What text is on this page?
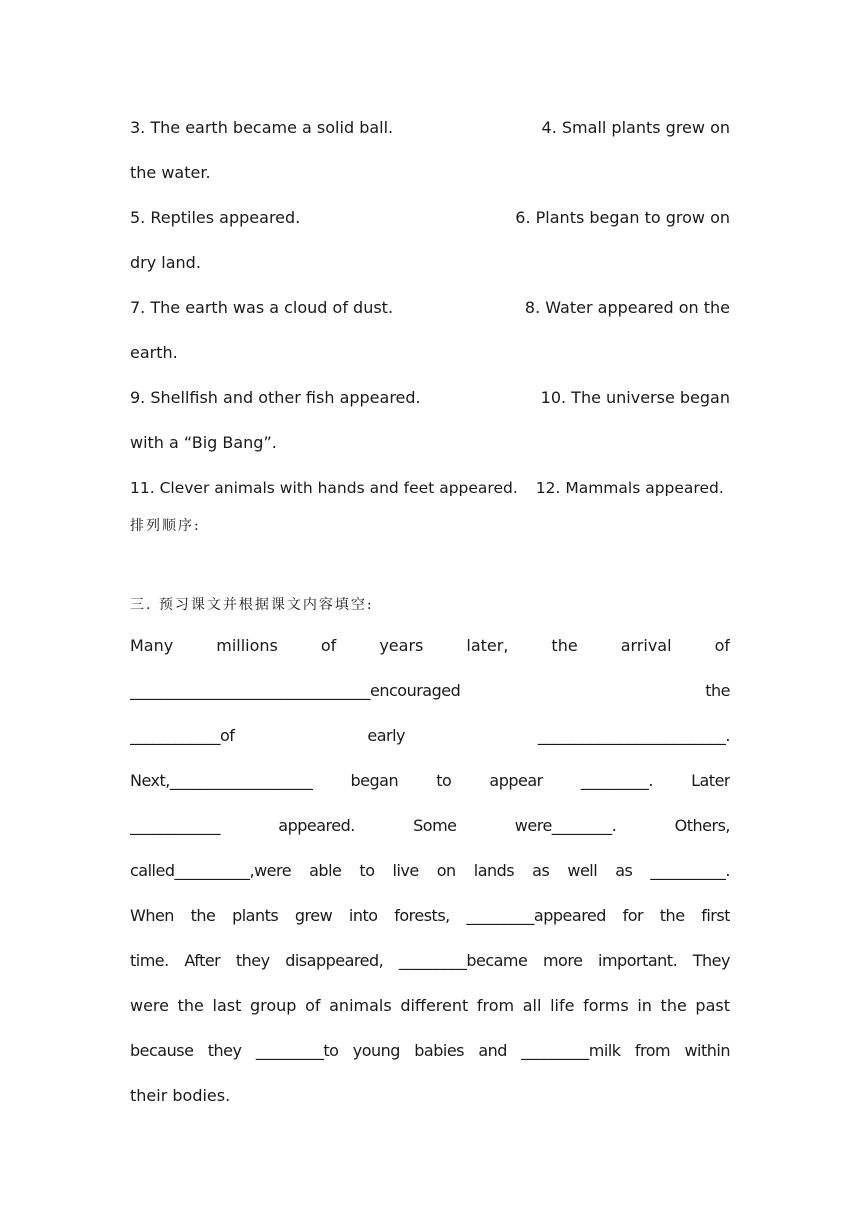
3. The earth became a solid ball.	4. Small plants grew on
the water.
5. Reptiles appeared.	6. Plants began to grow on
dry land.
7. The earth was a cloud of dust.	8. Water appeared on the
earth.
9. Shellfish and other fish appeared.	10. The universe began
with a “Big Bang”.
11. Clever animals with hands and feet appeared. 12. Mammals appeared.
排列顺序:
三. 预习课文并根据课文内容填空:
Many millions of years later, the arrival of
________________________________encouraged the
____________of early _________________________.
Next,___________________ began to appear _________. Later
____________ appeared. Some were________. Others,
called__________,were able to live on lands as well as __________.
When the plants grew into forests, _________appeared for the first
time. After they disappeared, _________became more important. They
were the last group of animals different from all life forms in the past
because they _________to young babies and _________milk from within
their bodies.
